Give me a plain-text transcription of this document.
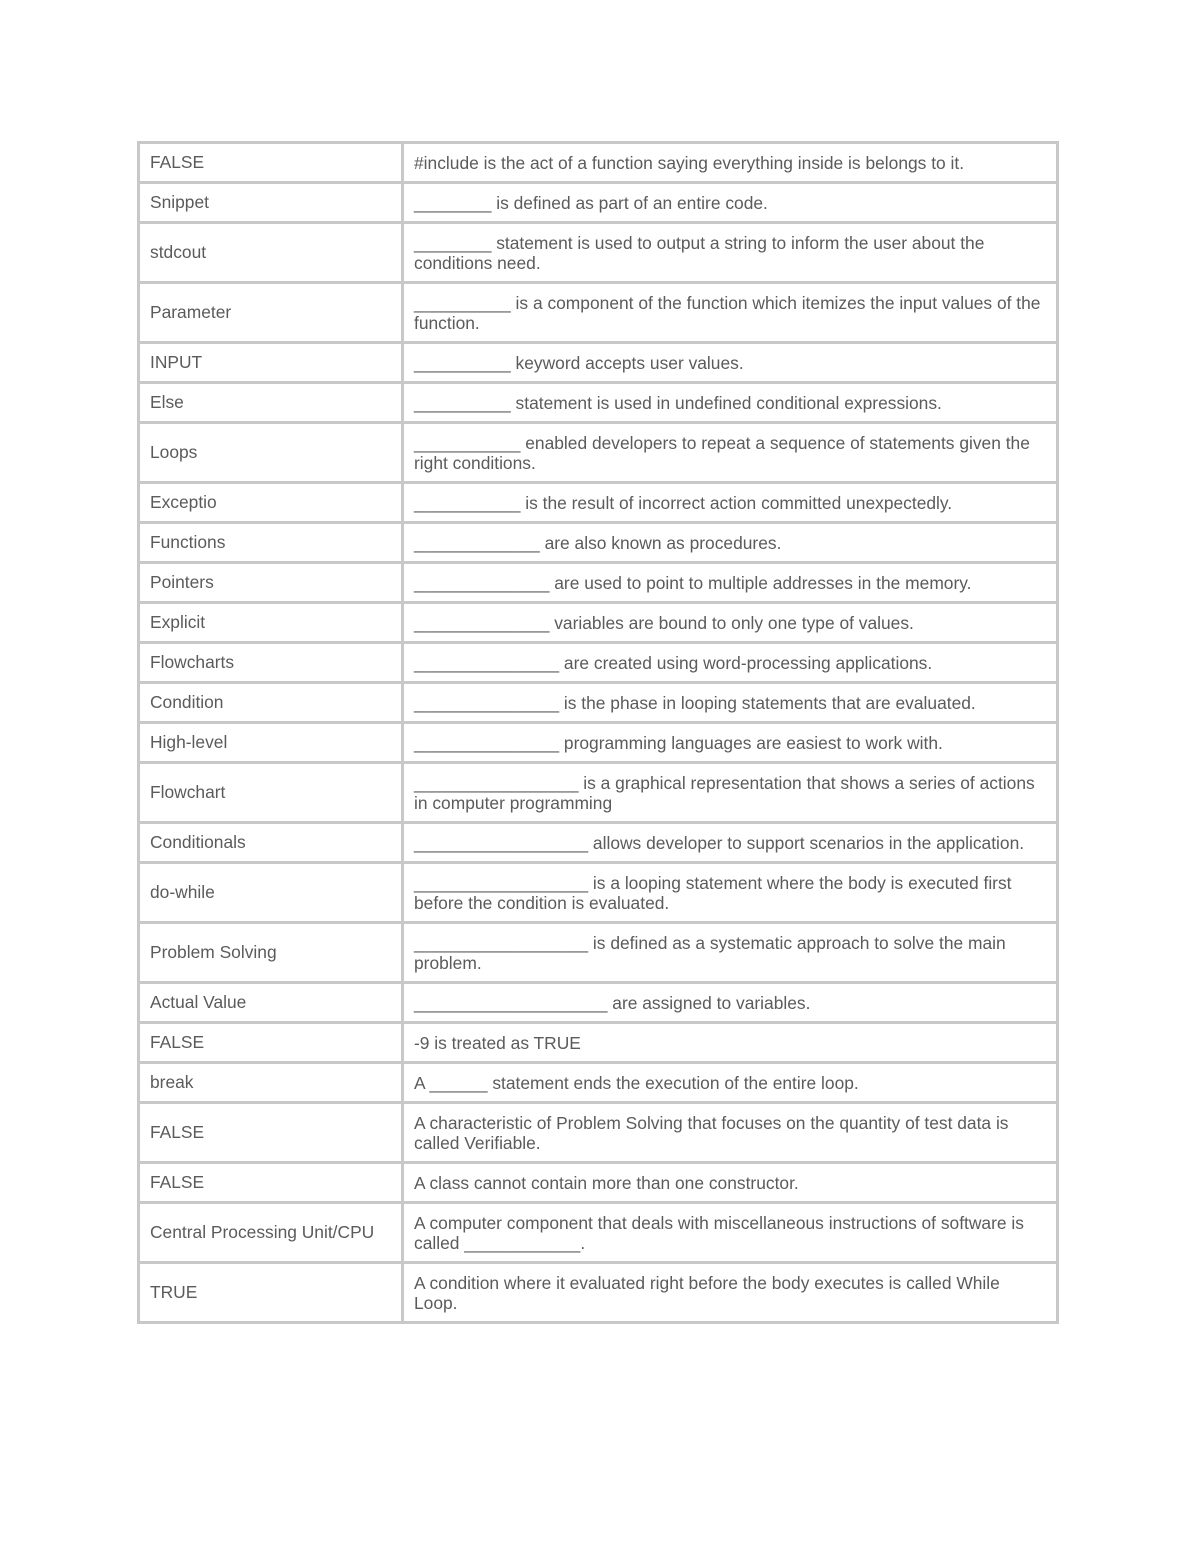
FALSE	#include is the act of a function saying everything inside is belongs to it.
Snippet	________ is defined as part of an entire code.
stdcout	________ statement is used to output a string to inform the user about the conditions need.
Parameter	__________ is a component of the function which itemizes the input values of the function.
INPUT	__________ keyword accepts user values.
Else	__________ statement is used in undefined conditional expressions.
Loops	___________ enabled developers to repeat a sequence of statements given the right conditions.
Exceptio	___________ is the result of incorrect action committed unexpectedly.
Functions	_____________ are also known as procedures.
Pointers	______________ are used to point to multiple addresses in the memory.
Explicit	______________ variables are bound to only one type of values.
Flowcharts	_______________ are created using word-processing applications.
Condition	_______________ is the phase in looping statements that are evaluated.
High-level	_______________ programming languages are easiest to work with.
Flowchart	_________________ is a graphical representation that shows a series of actions in computer programming
Conditionals	__________________ allows developer to support scenarios in the application.
do-while	__________________ is a looping statement where the body is executed first before the condition is evaluated.
Problem Solving	__________________ is defined as a systematic approach to solve the main problem.
Actual Value	____________________ are assigned to variables.
FALSE	-9 is treated as TRUE
break	A ______ statement ends the execution of the entire loop.
FALSE	A characteristic of Problem Solving that focuses on the quantity of test data is called Verifiable.
FALSE	A class cannot contain more than one constructor.
Central Processing Unit/CPU	A computer component that deals with miscellaneous instructions of software is called ____________.
TRUE	A condition where it evaluated right before the body executes is called While Loop.
